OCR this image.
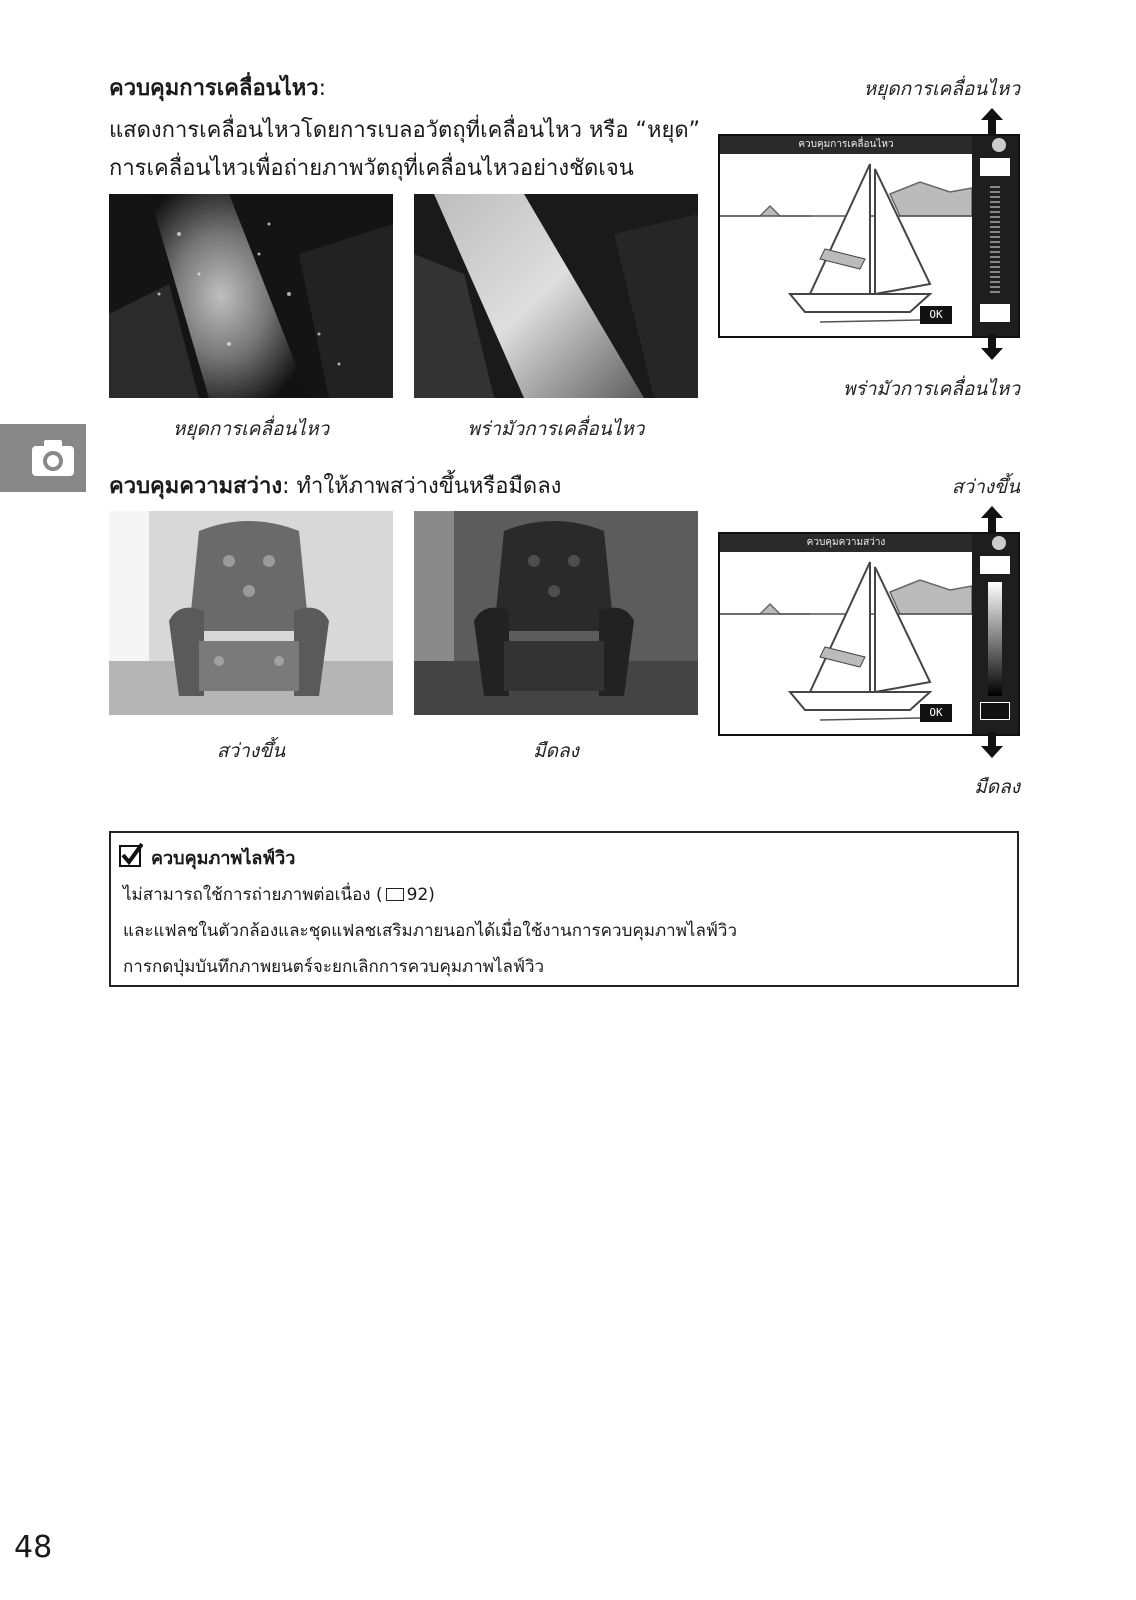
ควบคุมการเคลื่อนไหว:
แสดงการเคลื่อนไหวโดยการเบลอวัตถุที่เคลื่อนไหว หรือ “หยุด”
การเคลื่อนไหวเพื่อถ่ายภาพวัตถุที่เคลื่อนไหวอย่างชัดเจน
หยุดการเคลื่อนไหว	พร่ามัวการเคลื่อนไหว
หยุดการเคลื่อนไหว
ควบคุมการเคลื่อนไหว
OK
พร่ามัวการเคลื่อนไหว
ควบคุมความสว่าง: ทำให้ภาพสว่างขึ้นหรือมืดลง
สว่างขึ้น	มืดลง
สว่างขึ้น
ควบคุมความสว่าง
OK
มืดลง
ควบคุมภาพไลฟ์วิว
ไม่สามารถใช้การถ่ายภาพต่อเนื่อง ( 92)
และแฟลชในตัวกล้องและชุดแฟลชเสริมภายนอกได้เมื่อใช้งานการควบคุมภาพไลฟ์วิว
การกดปุ่มบันทึกภาพยนตร์จะยกเลิกการควบคุมภาพไลฟ์วิว
48
